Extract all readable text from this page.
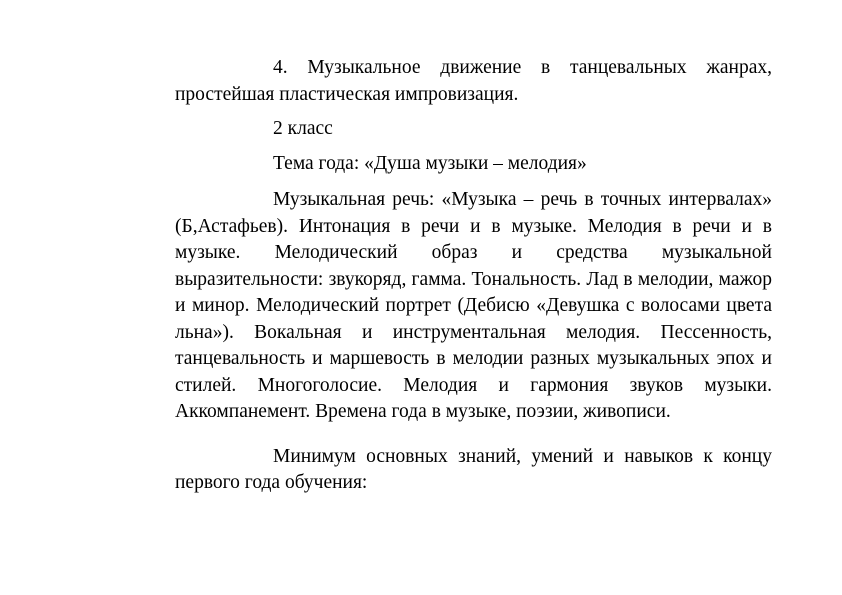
4. Музыкальное движение в танцевальных жанрах, простейшая пластическая импровизация.

2 класс

Тема года: «Душа музыки – мелодия»

Музыкальная речь: «Музыка – речь в точных интервалах» (Б,Астафьев). Интонация в речи и в музыке. Мелодия в речи и в музыке. Мелодический образ и средства музыкальной выразительности: звукоряд, гамма. Тональность. Лад в мелодии, мажор и минор. Мелодический портрет (Дебисю «Девушка с волосами цвета льна»). Вокальная и инструментальная мелодия. Пессенность, танцевальность и маршевость в мелодии разных музыкальных эпох и стилей. Многоголосие. Мелодия и гармония звуков музыки. Аккомпанемент. Времена года в музыке, поэзии, живописи.

Минимум основных знаний, умений и навыков к концу первого года обучения:
